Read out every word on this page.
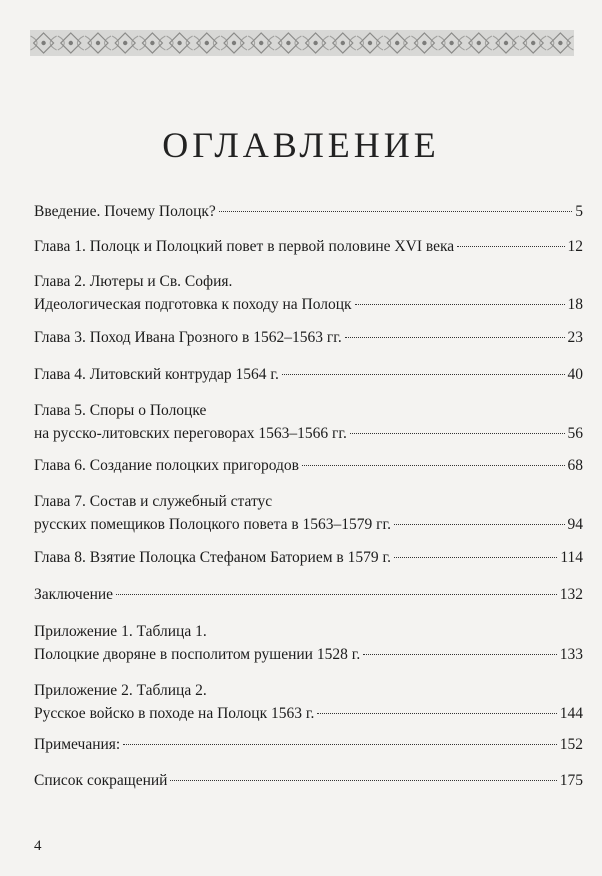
ОГЛАВЛЕНИЕ
Введение. Почему Полоцк?	5
Глава 1. Полоцк и Полоцкий повет в первой половине XVI века	12
Глава 2. Лютеры и Св. София.
Идеологическая подготовка к походу на Полоцк	18
Глава 3. Поход Ивана Грозного в 1562–1563 гг.	23
Глава 4. Литовский контрудар 1564 г.	40
Глава 5. Споры о Полоцке
на русско-литовских переговорах 1563–1566 гг.	56
Глава 6. Создание полоцких пригородов	68
Глава 7. Состав и служебный статус
русских помещиков Полоцкого повета в 1563–1579 гг.	94
Глава 8. Взятие Полоцка Стефаном Баторием в 1579 г.	114
Заключение	132
Приложение 1. Таблица 1.
Полоцкие дворяне в посполитом рушении 1528 г.	133
Приложение 2. Таблица 2.
Русское войско в походе на Полоцк 1563 г.	144
Примечания:	152
Список сокращений	175
4
